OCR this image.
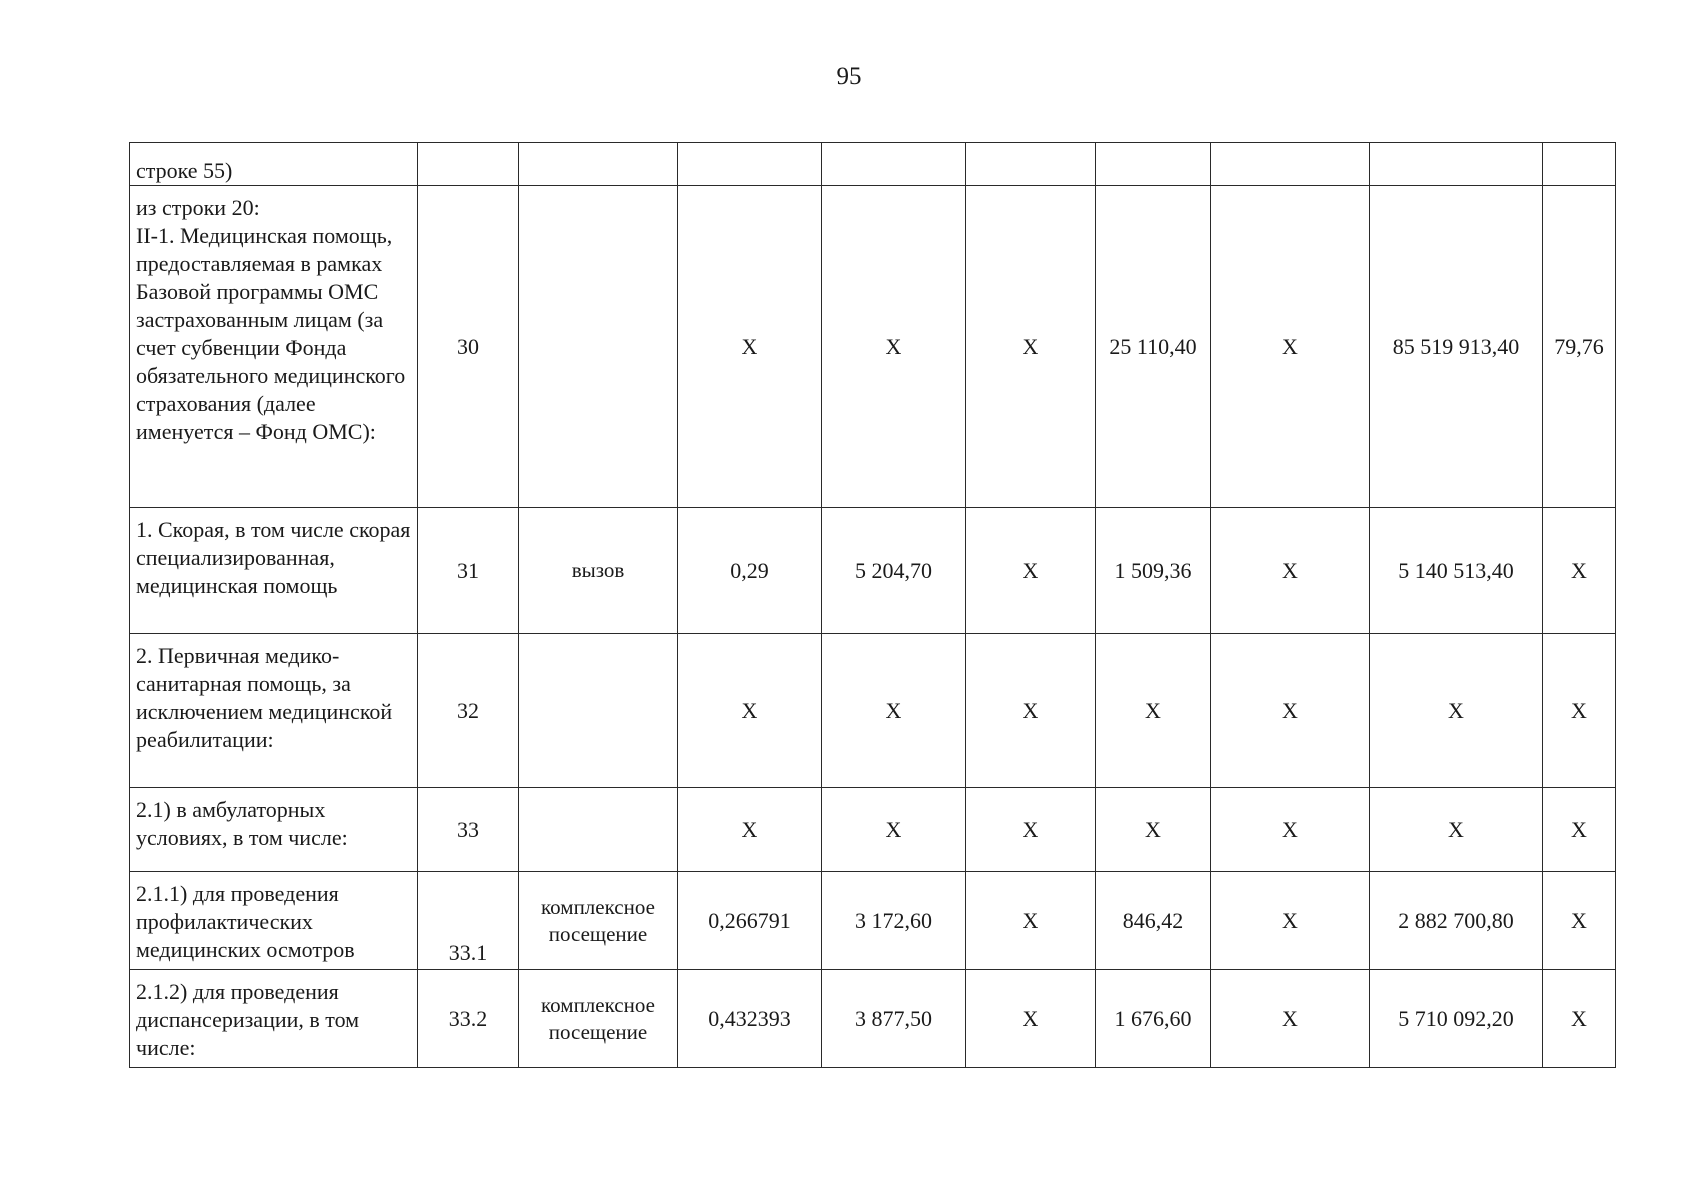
95
строке 55)									
из строки 20:
II-1. Медицинская помощь, предоставляемая в рамках Базовой программы ОМС застрахованным лицам (за счет субвенции Фонда обязательного медицинского страхования (далее именуется – Фонд ОМС):	30		X	X	X	25 110,40	X	85 519 913,40	79,76
1. Скорая, в том числе скорая специализированная, медицинская помощь	31	вызов	0,29	5 204,70	X	1 509,36	X	5 140 513,40	X
2. Первичная медико-санитарная помощь, за исключением медицинской реабилитации:	32		X	X	X	X	X	X	X
2.1) в амбулаторных условиях, в том числе:	33		X	X	X	X	X	X	X
2.1.1) для проведения профилактических медицинских осмотров	33.1	комплексное посещение	0,266791	3 172,60	X	846,42	X	2 882 700,80	X
2.1.2) для проведения диспансеризации, в том числе:	33.2	комплексное посещение	0,432393	3 877,50	X	1 676,60	X	5 710 092,20	X
